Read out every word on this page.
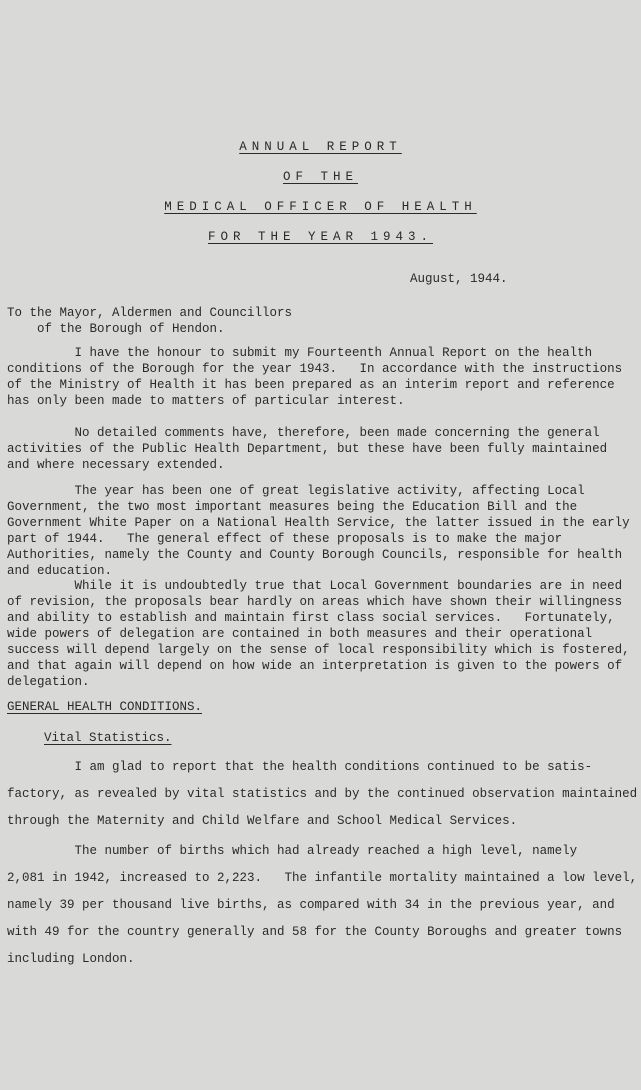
ANNUAL REPORT
OF THE
MEDICAL OFFICER OF HEALTH
FOR THE YEAR 1943.
August, 1944.
To the Mayor, Aldermen and Councillors
of the Borough of Hendon.
I have the honour to submit my Fourteenth Annual Report on the health
conditions of the Borough for the year 1943.   In accordance with the instructions
of the Ministry of Health it has been prepared as an interim report and reference
has only been made to matters of particular interest.
No detailed comments have, therefore, been made concerning the general
activities of the Public Health Department, but these have been fully maintained
and where necessary extended.
The year has been one of great legislative activity, affecting Local
Government, the two most important measures being the Education Bill and the
Government White Paper on a National Health Service, the latter issued in the early
part of 1944.   The general effect of these proposals is to make the major
Authorities, namely the County and County Borough Councils, responsible for health
and education.
While it is undoubtedly true that Local Government boundaries are in need
of revision, the proposals bear hardly on areas which have shown their willingness
and ability to establish and maintain first class social services.   Fortunately,
wide powers of delegation are contained in both measures and their operational
success will depend largely on the sense of local responsibility which is fostered,
and that again will depend on how wide an interpretation is given to the powers of
delegation.
GENERAL HEALTH CONDITIONS.
Vital Statistics.
I am glad to report that the health conditions continued to be satis-
factory, as revealed by vital statistics and by the continued observation maintained
through the Maternity and Child Welfare and School Medical Services.
The number of births which had already reached a high level, namely
2,081 in 1942, increased to 2,223.   The infantile mortality maintained a low level,
namely 39 per thousand live births, as compared with 34 in the previous year, and
with 49 for the country generally and 58 for the County Boroughs and greater towns
including London.
